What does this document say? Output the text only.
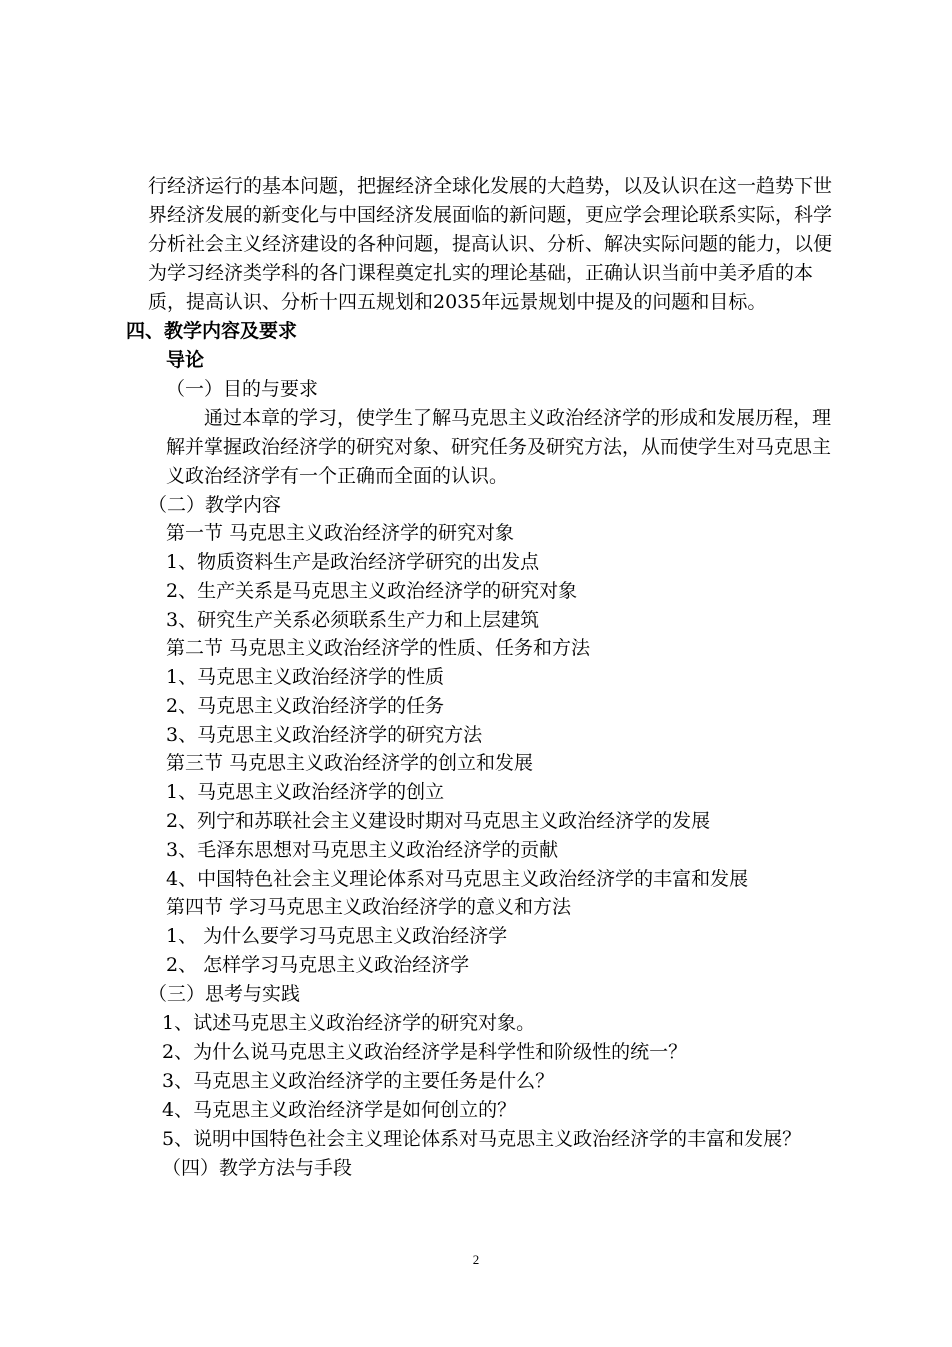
行经济运行的基本问题，把握经济全球化发展的大趋势，以及认识在这一趋势下世
界经济发展的新变化与中国经济发展面临的新问题，更应学会理论联系实际，科学
分析社会主义经济建设的各种问题，提高认识、分析、解决实际问题的能力，以便
为学习经济类学科的各门课程奠定扎实的理论基础，正确认识当前中美矛盾的本
质，提高认识、分析十四五规划和2035年远景规划中提及的问题和目标。
四、教学内容及要求
导论
（一）目的与要求
通过本章的学习，使学生了解马克思主义政治经济学的形成和发展历程，理
解并掌握政治经济学的研究对象、研究任务及研究方法，从而使学生对马克思主
义政治经济学有一个正确而全面的认识。
（二）教学内容
第一节 马克思主义政治经济学的研究对象
1、物质资料生产是政治经济学研究的出发点
2、生产关系是马克思主义政治经济学的研究对象
3、研究生产关系必须联系生产力和上层建筑
第二节 马克思主义政治经济学的性质、任务和方法
1、马克思主义政治经济学的性质
2、马克思主义政治经济学的任务
3、马克思主义政治经济学的研究方法
第三节 马克思主义政治经济学的创立和发展
1、马克思主义政治经济学的创立
2、列宁和苏联社会主义建设时期对马克思主义政治经济学的发展
3、毛泽东思想对马克思主义政治经济学的贡献
4、中国特色社会主义理论体系对马克思主义政治经济学的丰富和发展
第四节 学习马克思主义政治经济学的意义和方法
1、 为什么要学习马克思主义政治经济学
2、 怎样学习马克思主义政治经济学
（三）思考与实践
1、试述马克思主义政治经济学的研究对象。
2、为什么说马克思主义政治经济学是科学性和阶级性的统一？
3、马克思主义政治经济学的主要任务是什么？
4、马克思主义政治经济学是如何创立的？
5、说明中国特色社会主义理论体系对马克思主义政治经济学的丰富和发展？
（四）教学方法与手段
2
